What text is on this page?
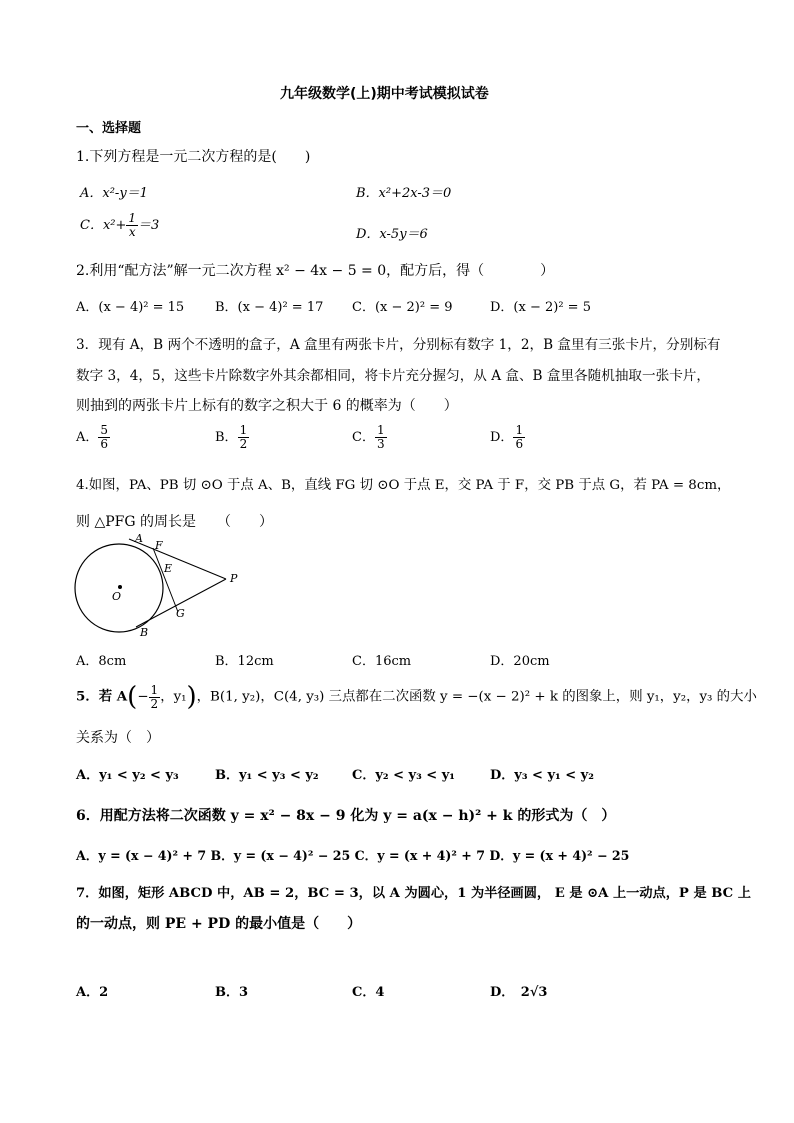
九年级数学(上)期中考试模拟试卷
一、选择题
1.下列方程是一元二次方程的是(　　)
A．x²-y＝1	B．x²+2x-3＝0
C．$x^2+ \frac{1}{x} =3$
D．x-5y＝6
2.利用“配方法”解一元二次方程 x² − 4x − 5 = 0，配方后，得（　　　　）
A．(x − 4)² = 15 B．(x − 4)² = 17 C．(x − 2)² = 9	D．(x − 2)² = 5
3．现有 A，B 两个不透明的盒子，A 盒里有两张卡片，分别标有数字 1，2，B 盒里有三张卡片，分别标有
数字 3，4，5，这些卡片除数字外其余都相同，将卡片充分握匀，从 A 盒、B 盒里各随机抽取一张卡片，
则抽到的两张卡片上标有的数字之积大于 6 的概率为（　　）
A． $\frac{5}{6}$	B． $\frac{1}{2}$	C． $\frac{1}{3}$	D． $\frac{1}{6}$
4.如图，PA、PB 切 ⊙O 于点 A、B，直线 FG 切 ⊙O 于点 E，交 PA 于 F，交 PB 于点 G，若 PA = 8cm，
则 △PFG 的周长是　　（　　）
A
F
E
P
O
G
B
A．8cm	B．12cm	C．16cm	D．20cm
5．若 $A(- \frac{1}{2}$ ，y₁)，B(1, y₂)，C(4, y₃) 三点都在二次函数 y = −(x − 2)² + k 的图象上，则 y₁，y₂，y₃ 的大小
关系为（　）
A．y₁ < y₂ < y₃	B．y₁ < y₃ < y₂	C．y₂ < y₃ < y₁	D．y₃ < y₁ < y₂
6．用配方法将二次函数 y = x² − 8x − 9 化为 y = a(x − h)² + k 的形式为（　）
A．y = (x − 4)² + 7 B．y = (x − 4)² − 25 C．y = (x + 4)² + 7 D．y = (x + 4)² − 25
7．如图，矩形 ABCD 中，AB = 2，BC = 3，以 A 为圆心，1 为半径画圆， E 是 ⊙A 上一动点，P 是 BC 上
的一动点，则 PE + PD 的最小值是（　　）
A．2	B．3	C．4	D．　2√3
